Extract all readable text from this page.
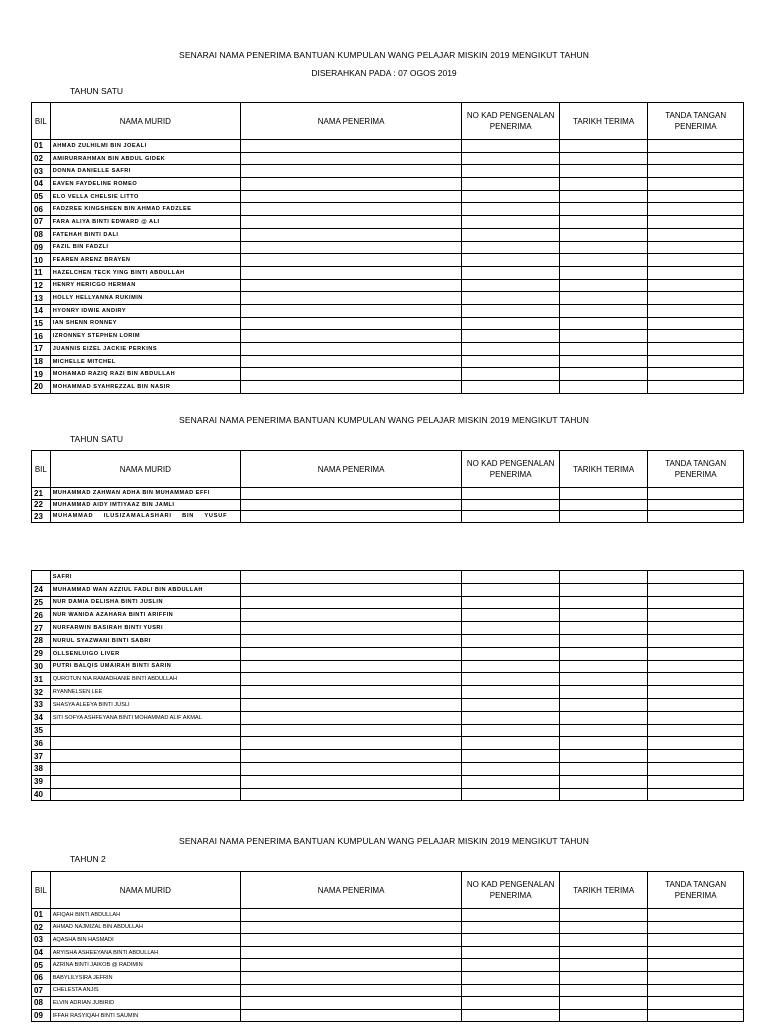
SENARAI NAMA PENERIMA BANTUAN KUMPULAN WANG PELAJAR MISKIN 2019 MENGIKUT TAHUN
DISERAHKAN PADA : 07 OGOS 2019
TAHUN SATU
BIL	NAMA MURID	NAMA PENERIMA	NO KAD PENGENALAN PENERIMA	TARIKH TERIMA	TANDA TANGAN PENERIMA
01	AHMAD ZULHILMI BIN JOEALI				
02	AMIRURRAHMAN BIN ABDUL GIDEK				
03	DONNA DANIELLE SAFRI				
04	EAVEN FAYDELINE ROMEO				
05	ELO VELLA CHELSIE LITTO				
06	FADZREE KINGSHEEN BIN AHMAD FADZLEE				
07	FARA ALIYA BINTI EDWARD @ ALI				
08	FATEHAH BINTI DALI				
09	FAZIL BIN FADZLI				
10	FEAREN ARENZ BRAYEN				
11	HAZELCHEN TECK YING BINTI ABDULLAH				
12	HENRY HERICGO HERMAN				
13	HOLLY HELLYANNA RUKIMIN				
14	HYONRY IDWIE ANDIRY				
15	IAN SHENN RONNEY				
16	IZRONNEY STEPHEN LORIM				
17	JUANNIS EIZEL JACKIE PERKINS				
18	MICHELLE MITCHEL				
19	MOHAMAD RAZIQ RAZI BIN ABDULLAH				
20	MOHAMMAD SYAHREZZAL BIN NASIR				
SENARAI NAMA PENERIMA BANTUAN KUMPULAN WANG PELAJAR MISKIN 2019 MENGIKUT TAHUN
TAHUN SATU
BIL	NAMA MURID	NAMA PENERIMA	NO KAD PENGENALAN PENERIMA	TARIKH TERIMA	TANDA TANGAN PENERIMA
21	MUHAMMAD ZAHWAN ADHA BIN MUHAMMAD EFFI				
22	MUHAMMAD AIDY IMTIYAAZ BIN JAMLI				
23	MUHAMMAD ILUSIZAMALASHARI BIN YUSUF				
	SAFRI				
24	MUHAMMAD WAN AZZIUL FADLI BIN ABDULLAH				
25	NUR DAMIA DELISHA BINTI JUSLIN				
26	NUR WANIDA AZAHARA BINTI ARIFFIN				
27	NURFARWIN BASIRAH BINTI YUSRI				
28	NURUL SYAZWANI BINTI SABRI				
29	OLLSENLUIGO LIVER				
30	PUTRI BALQIS UMAIRAH BINTI SARIN				
31	QUROTUN NIA RAMADHANIE BINTI ABDULLAH				
32	RYANNELSEN LEE				
33	SHASYA ALEEYA BINTI JUSLI				
34	SITI SOFYA ASHFEYANA BINTI MOHAMMAD ALIF AKMAL				
35					
36					
37					
38					
39					
40					
SENARAI NAMA PENERIMA BANTUAN KUMPULAN WANG PELAJAR MISKIN 2019 MENGIKUT TAHUN
TAHUN 2
BIL	NAMA MURID	NAMA PENERIMA	NO KAD PENGENALAN PENERIMA	TARIKH TERIMA	TANDA TANGAN PENERIMA
01	AFIQAH BINTI ABDULLAH				
02	AHMAD NAJMIZAL BIN ABDULLAH				
03	AQASHA BIN HASMADI				
04	ARYISHA ASHEEYANA BINTI ABDULLAH				
05	AZRINA BINTI JAIKOB @ RADIMIN				
06	BABYLILYSIRA JEFRIN				
07	CHELESTA ANJIS				
08	ELVIN ADRIAN JUBIRID				
09	IFFAH RASYIQAH BINTI SAUMIN				
